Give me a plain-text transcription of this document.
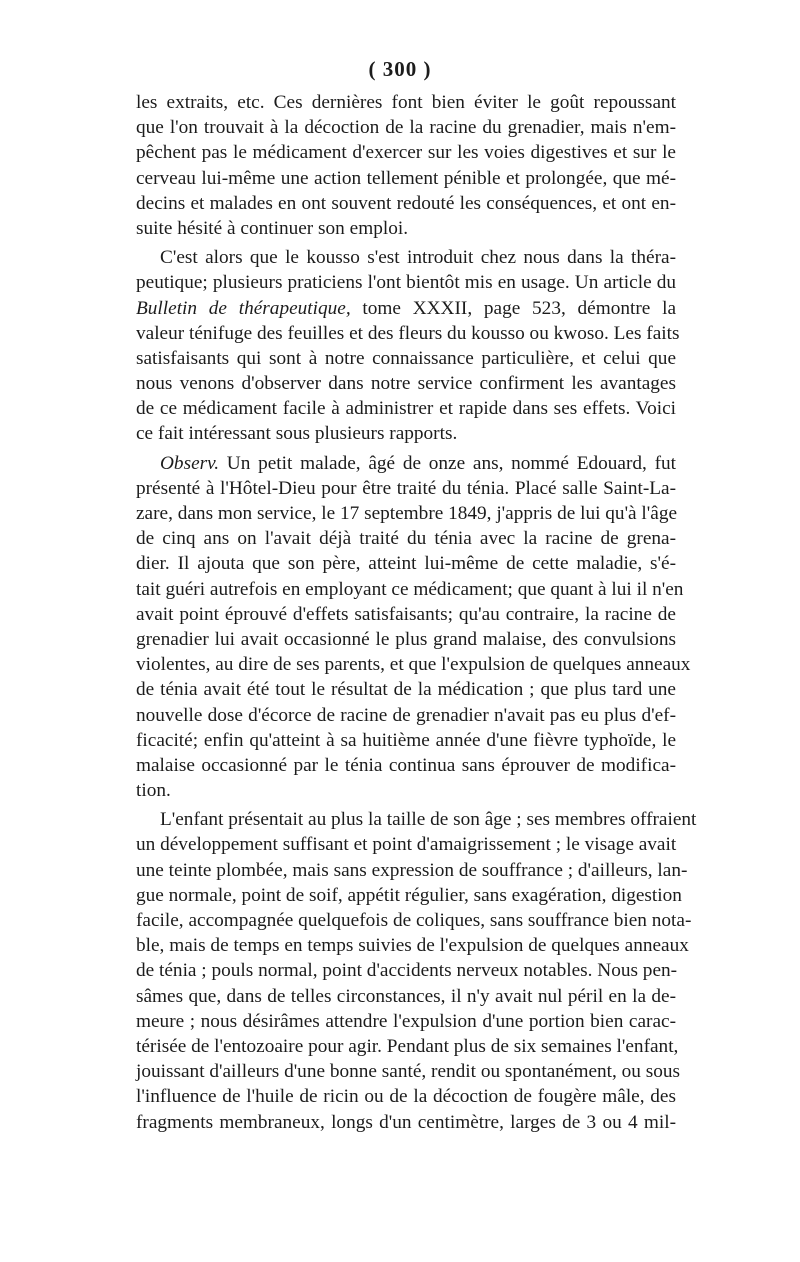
( 300 )
les extraits, etc. Ces dernières font bien éviter le goût repoussant
que l'on trouvait à la décoction de la racine du grenadier, mais n'em-
pêchent pas le médicament d'exercer sur les voies digestives et sur le
cerveau lui-même une action tellement pénible et prolongée, que mé-
decins et malades en ont souvent redouté les conséquences, et ont en-
suite hésité à continuer son emploi.
C'est alors que le kousso s'est introduit chez nous dans la théra-
peutique; plusieurs praticiens l'ont bientôt mis en usage. Un article du
Bulletin de thérapeutique, tome XXXII, page 523, démontre la
valeur ténifuge des feuilles et des fleurs du kousso ou kwoso. Les faits
satisfaisants qui sont à notre connaissance particulière, et celui que
nous venons d'observer dans notre service confirment les avantages
de ce médicament facile à administrer et rapide dans ses effets. Voici
ce fait intéressant sous plusieurs rapports.
Observ. Un petit malade, âgé de onze ans, nommé Edouard, fut
présenté à l'Hôtel-Dieu pour être traité du ténia. Placé salle Saint-La-
zare, dans mon service, le 17 septembre 1849, j'appris de lui qu'à l'âge
de cinq ans on l'avait déjà traité du ténia avec la racine de grena-
dier. Il ajouta que son père, atteint lui-même de cette maladie, s'é-
tait guéri autrefois en employant ce médicament; que quant à lui il n'en
avait point éprouvé d'effets satisfaisants; qu'au contraire, la racine de
grenadier lui avait occasionné le plus grand malaise, des convulsions
violentes, au dire de ses parents, et que l'expulsion de quelques anneaux
de ténia avait été tout le résultat de la médication ; que plus tard une
nouvelle dose d'écorce de racine de grenadier n'avait pas eu plus d'ef-
ficacité; enfin qu'atteint à sa huitième année d'une fièvre typhoïde, le
malaise occasionné par le ténia continua sans éprouver de modifica-
tion.
L'enfant présentait au plus la taille de son âge ; ses membres offraient
un développement suffisant et point d'amaigrissement ; le visage avait
une teinte plombée, mais sans expression de souffrance ; d'ailleurs, lan-
gue normale, point de soif, appétit régulier, sans exagération, digestion
facile, accompagnée quelquefois de coliques, sans souffrance bien nota-
ble, mais de temps en temps suivies de l'expulsion de quelques anneaux
de ténia ; pouls normal, point d'accidents nerveux notables. Nous pen-
sâmes que, dans de telles circonstances, il n'y avait nul péril en la de-
meure ; nous désirâmes attendre l'expulsion d'une portion bien carac-
térisée de l'entozoaire pour agir. Pendant plus de six semaines l'enfant,
jouissant d'ailleurs d'une bonne santé, rendit ou spontanément, ou sous
l'influence de l'huile de ricin ou de la décoction de fougère mâle, des
fragments membraneux, longs d'un centimètre, larges de 3 ou 4 mil-
